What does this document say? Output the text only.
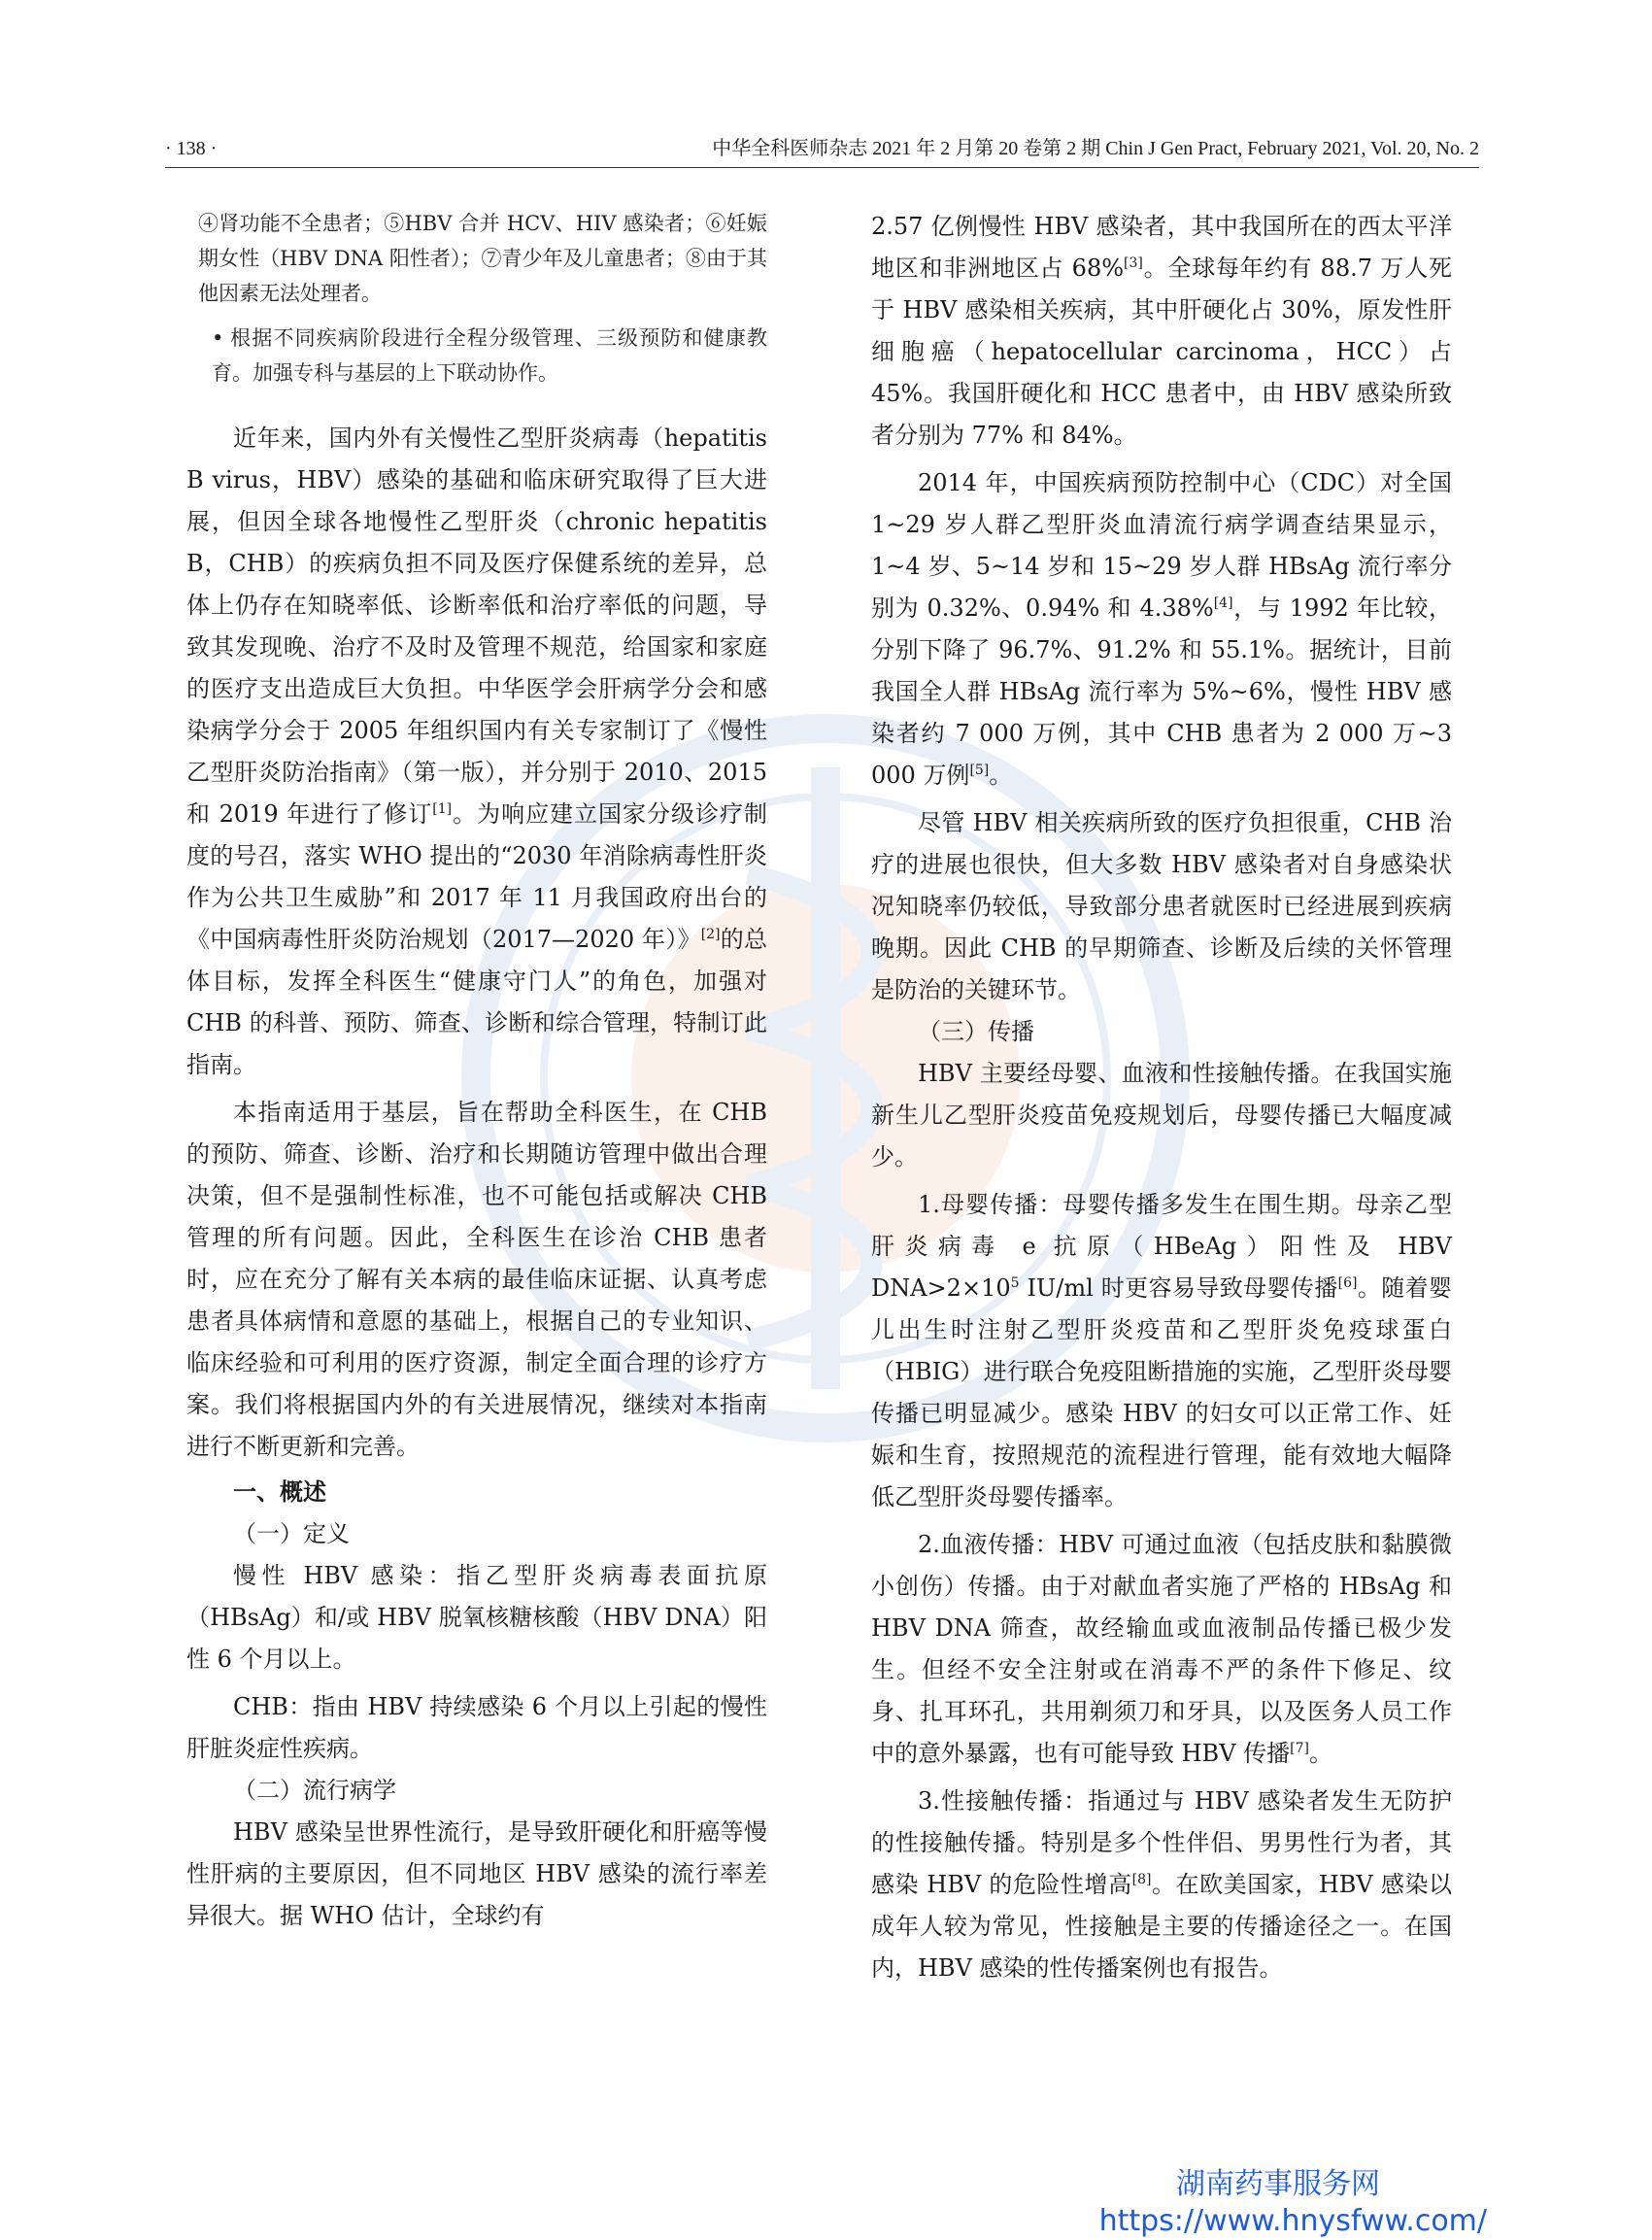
· 138 ·	中华全科医师杂志 2021 年 2 月第 20 卷第 2 期 Chin J Gen Pract, February 2021, Vol. 20, No. 2

④肾功能不全患者；⑤HBV 合并 HCV、HIV 感染者；⑥妊娠期女性（HBV DNA 阳性者）；⑦青少年及儿童患者；⑧由于其他因素无法处理者。

• 根据不同疾病阶段进行全程分级管理、三级预防和健康教育。加强专科与基层的上下联动协作。

近年来，国内外有关慢性乙型肝炎病毒（hepatitis B virus，HBV）感染的基础和临床研究取得了巨大进展，但因全球各地慢性乙型肝炎（chronic hepatitis B，CHB）的疾病负担不同及医疗保健系统的差异，总体上仍存在知晓率低、诊断率低和治疗率低的问题，导致其发现晚、治疗不及时及管理不规范，给国家和家庭的医疗支出造成巨大负担。中华医学会肝病学分会和感染病学分会于 2005 年组织国内有关专家制订了《慢性乙型肝炎防治指南》（第一版），并分别于 2010、2015 和 2019 年进行了修订[1]。为响应建立国家分级诊疗制度的号召，落实 WHO 提出的“2030 年消除病毒性肝炎作为公共卫生威胁”和 2017 年 11 月我国政府出台的《中国病毒性肝炎防治规划（2017—2020 年）》[2]的总体目标，发挥全科医生“健康守门人”的角色，加强对 CHB 的科普、预防、筛查、诊断和综合管理，特制订此指南。

本指南适用于基层，旨在帮助全科医生，在 CHB 的预防、筛查、诊断、治疗和长期随访管理中做出合理决策，但不是强制性标准，也不可能包括或解决 CHB 管理的所有问题。因此，全科医生在诊治 CHB 患者时，应在充分了解有关本病的最佳临床证据、认真考虑患者具体病情和意愿的基础上，根据自己的专业知识、临床经验和可利用的医疗资源，制定全面合理的诊疗方案。我们将根据国内外的有关进展情况，继续对本指南进行不断更新和完善。

一、概述
（一）定义

慢性 HBV 感染：指乙型肝炎病毒表面抗原（HBsAg）和/或 HBV 脱氧核糖核酸（HBV DNA）阳性 6 个月以上。

CHB：指由 HBV 持续感染 6 个月以上引起的慢性肝脏炎症性疾病。

（二）流行病学

HBV 感染呈世界性流行，是导致肝硬化和肝癌等慢性肝病的主要原因，但不同地区 HBV 感染的流行率差异很大。据 WHO 估计，全球约有

2.57 亿例慢性 HBV 感染者，其中我国所在的西太平洋地区和非洲地区占 68%[3]。全球每年约有 88.7 万人死于 HBV 感染相关疾病，其中肝硬化占 30%，原发性肝细胞癌（hepatocellular carcinoma，HCC）占 45%。我国肝硬化和 HCC 患者中，由 HBV 感染所致者分别为 77% 和 84%。

2014 年，中国疾病预防控制中心（CDC）对全国 1~29 岁人群乙型肝炎血清流行病学调查结果显示，1~4 岁、5~14 岁和 15~29 岁人群 HBsAg 流行率分别为 0.32%、0.94% 和 4.38%[4]，与 1992 年比较，分别下降了 96.7%、91.2% 和 55.1%。据统计，目前我国全人群 HBsAg 流行率为 5%~6%，慢性 HBV 感染者约 7 000 万例，其中 CHB 患者为 2 000 万~3 000 万例[5]。

尽管 HBV 相关疾病所致的医疗负担很重，CHB 治疗的进展也很快，但大多数 HBV 感染者对自身感染状况知晓率仍较低，导致部分患者就医时已经进展到疾病晚期。因此 CHB 的早期筛查、诊断及后续的关怀管理是防治的关键环节。

（三）传播

HBV 主要经母婴、血液和性接触传播。在我国实施新生儿乙型肝炎疫苗免疫规划后，母婴传播已大幅度减少。

1.母婴传播：母婴传播多发生在围生期。母亲乙型肝炎病毒 e 抗原（HBeAg）阳性及 HBV $DNA>2\times 10^5$ IU/ml 时更容易导致母婴传播[6]。随着婴儿出生时注射乙型肝炎疫苗和乙型肝炎免疫球蛋白（HBIG）进行联合免疫阻断措施的实施，乙型肝炎母婴传播已明显减少。感染 HBV 的妇女可以正常工作、妊娠和生育，按照规范的流程进行管理，能有效地大幅降低乙型肝炎母婴传播率。

2.血液传播：HBV 可通过血液（包括皮肤和黏膜微小创伤）传播。由于对献血者实施了严格的 HBsAg 和 HBV DNA 筛查，故经输血或血液制品传播已极少发生。但经不安全注射或在消毒不严的条件下修足、纹身、扎耳环孔，共用剃须刀和牙具，以及医务人员工作中的意外暴露，也有可能导致 HBV 传播[7]。

3.性接触传播：指通过与 HBV 感染者发生无防护的性接触传播。特别是多个性伴侣、男男性行为者，其感染 HBV 的危险性增高[8]。在欧美国家，HBV 感染以成年人较为常见，性接触是主要的传播途径之一。在国内，HBV 感染的性传播案例也有报告。

湖南药事服务网
https://www.hnysfww.com/
